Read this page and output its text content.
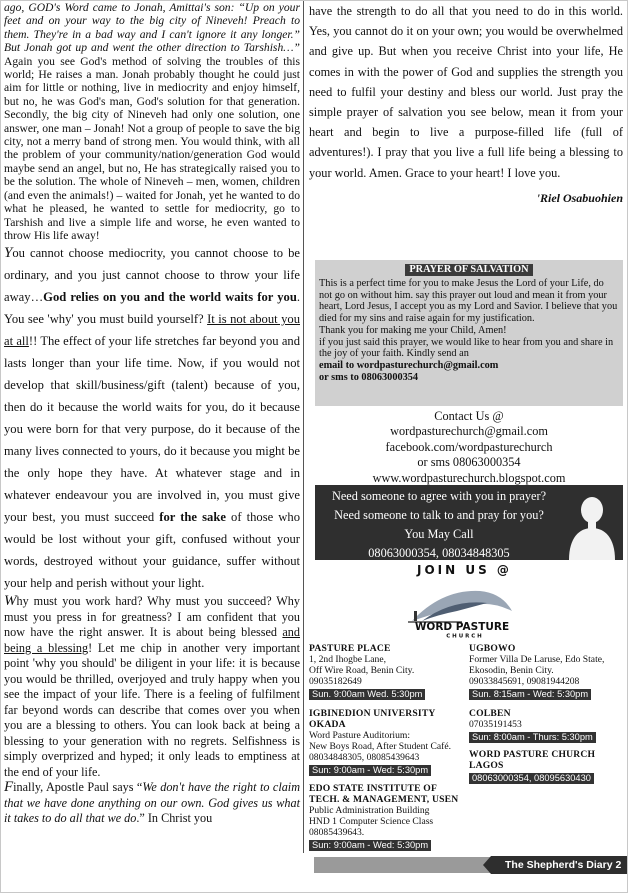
ago, GOD's Word came to Jonah, Amittai's son: “Up on your feet and on your way to the big city of Nineveh! Preach to them. They're in a bad way and I can't ignore it any longer.” But Jonah got up and went the other direction to Tarshish…” Again you see God's method of solving the troubles of this world; He raises a man. Jonah probably thought he could just aim for little or nothing, live in mediocrity and enjoy himself, but no, he was God's man, God's solution for that generation. Secondly, the big city of Nineveh had only one solution, one answer, one man – Jonah! Not a group of people to save the big city, not a merry band of strong men. You would think, with all the problem of your community/nation/generation God would maybe send an angel, but no, He has strategically raised you to be the solution. The whole of Nineveh – men, women, children (and even the animals!) – waited for Jonah, yet he wanted to do what he pleased, he wanted to settle for mediocrity, go to Tarshish and live a simple life and worse, he even wanted to throw His life away!

You cannot choose mediocrity, you cannot choose to be ordinary, and you just cannot choose to throw your life away…God relies on you and the world waits for you. You see 'why' you must build yourself? It is not about you at all!! The effect of your life stretches far beyond you and lasts longer than your life time. Now, if you would not develop that skill/business/gift (talent) because of you, then do it because the world waits for you, do it because you were born for that very purpose, do it because of the many lives connected to yours, do it because you might be the only hope they have. At whatever stage and in whatever endeavour you are involved in, you must give your best, you must succeed for the sake of those who would be lost without your gift, confused without your words, destroyed without your guidance, suffer without your help and perish without your light.

Why must you work hard? Why must you succeed? Why must you press in for greatness? I am confident that you now have the right answer. It is about being blessed and being a blessing! Let me chip in another very important point 'why you should' be diligent in your life: it is because you would be thrilled, overjoyed and truly happy when you see the impact of your life. There is a feeling of fulfilment far beyond words can describe that comes over you when you are a blessing to others. You can look back at being a blessing to your generation with no regrets. Selfishness is simply overprized and hyped; it only leads to emptiness at the end of your life.

Finally, Apostle Paul says “We don't have the right to claim that we have done anything on our own. God gives us what it takes to do all that we do.” In Christ you

have the strength to do all that you need to do in this world. Yes, you cannot do it on your own; you would be overwhelmed and give up. But when you receive Christ into your life, He comes in with the power of God and supplies the strength you need to fulfil your destiny and bless our world. Just pray the simple prayer of salvation you see below, mean it from your heart and begin to live a purpose-filled life (full of adventures!). I pray that you live a full life being a blessing to your world. Amen. Grace to your heart! I love you.

'Riel Osabuohien
PRAYER OF SALVATION
This is a perfect time for you to make Jesus the Lord of your Life, do not go on without him. say this prayer out loud and mean it from your heart, Lord Jesus, I accept you as my Lord and Savior. I believe that you died for my sins and raise again for my justification.
Thank you for making me your Child, Amen!
if you just said this prayer, we would like to hear from you and share in the joy of your faith. Kindly send an
email to wordpasturechurch@gmail.com
or sms to 08063000354
Contact Us @
wordpasturechurch@gmail.com
facebook.com/wordpasturechurch
or sms 08063000354
www.wordpasturechurch.blogspot.com
Need someone to agree with you in prayer?
Need someone to talk to and pray for you?
You May Call
08063000354, 08034848305
JOIN US @
WORD PASTURE
C H U R C H
PASTURE PLACE
1, 2nd Ihogbe Lane,
Off Wire Road, Benin City.
09035182649
Sun. 9:00am Wed. 5:30pm
UGBOWO
Former Villa De Laruse, Edo State,
Ekosodin, Benin City.
09033845691, 09081944208
Sun. 8:15am - Wed: 5:30pm
IGBINEDION UNIVERSITY
OKADA
Word Pasture Auditorium:
New Boys Road, After Student Café.
08034848305, 08085439643
Sun: 9:00am - Wed: 5:30pm
COLBEN
07035191453
Sun: 8:00am - Thurs: 5:30pm
WORD PASTURE CHURCH
LAGOS
08063000354, 08095630430
EDO STATE INSTITUTE OF
TECH. & MANAGEMENT, USEN
Public Administration Building
HND 1 Computer Science Class
08085439643.
Sun: 9:00am - Wed: 5:30pm
The Shepherd's Diary 2
